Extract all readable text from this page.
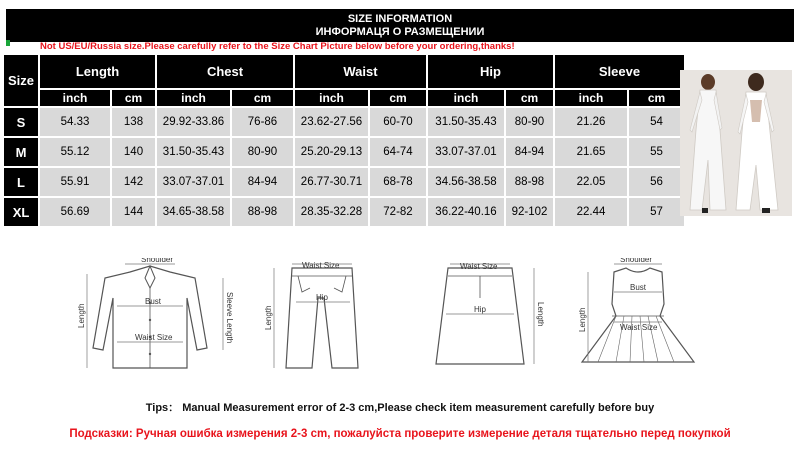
SIZE INFORMATION
ИНФОРМАЦЯ О РАЗМЕЩЕНИИ
Not US/EU/Russia size.Please carefully refer to the Size Chart Picture below before your ordering,thanks!
Size	Length		Chest		Waist		Hip		Sleeve	
	inch	cm	inch	cm	inch	cm	inch	cm	inch	cm
S	54.33	138	29.92-33.86	76-86	23.62-27.56	60-70	31.50-35.43	80-90	21.26	54
M	55.12	140	31.50-35.43	80-90	25.20-29.13	64-74	33.07-37.01	84-94	21.65	55
L	55.91	142	33.07-37.01	84-94	26.77-30.71	68-78	34.56-38.58	88-98	22.05	56
XL	56.69	144	34.65-38.58	88-98	28.35-32.28	72-82	36.22-40.16	92-102	22.44	57
Shoulder
Bust
Waist Size
Length	Sleeve Length
Waist Size
Hip
Length
Waist Size
Hip	Length
Shoulder
Bust
Waist Size
Length
Tips： Manual Measurement error of 2-3 cm,Please check item measurement carefully before buy
Подсказки: Ручная ошибка измерения 2-3 cm, пожалуйста проверите измерение деталя тщательно перед покупкой
